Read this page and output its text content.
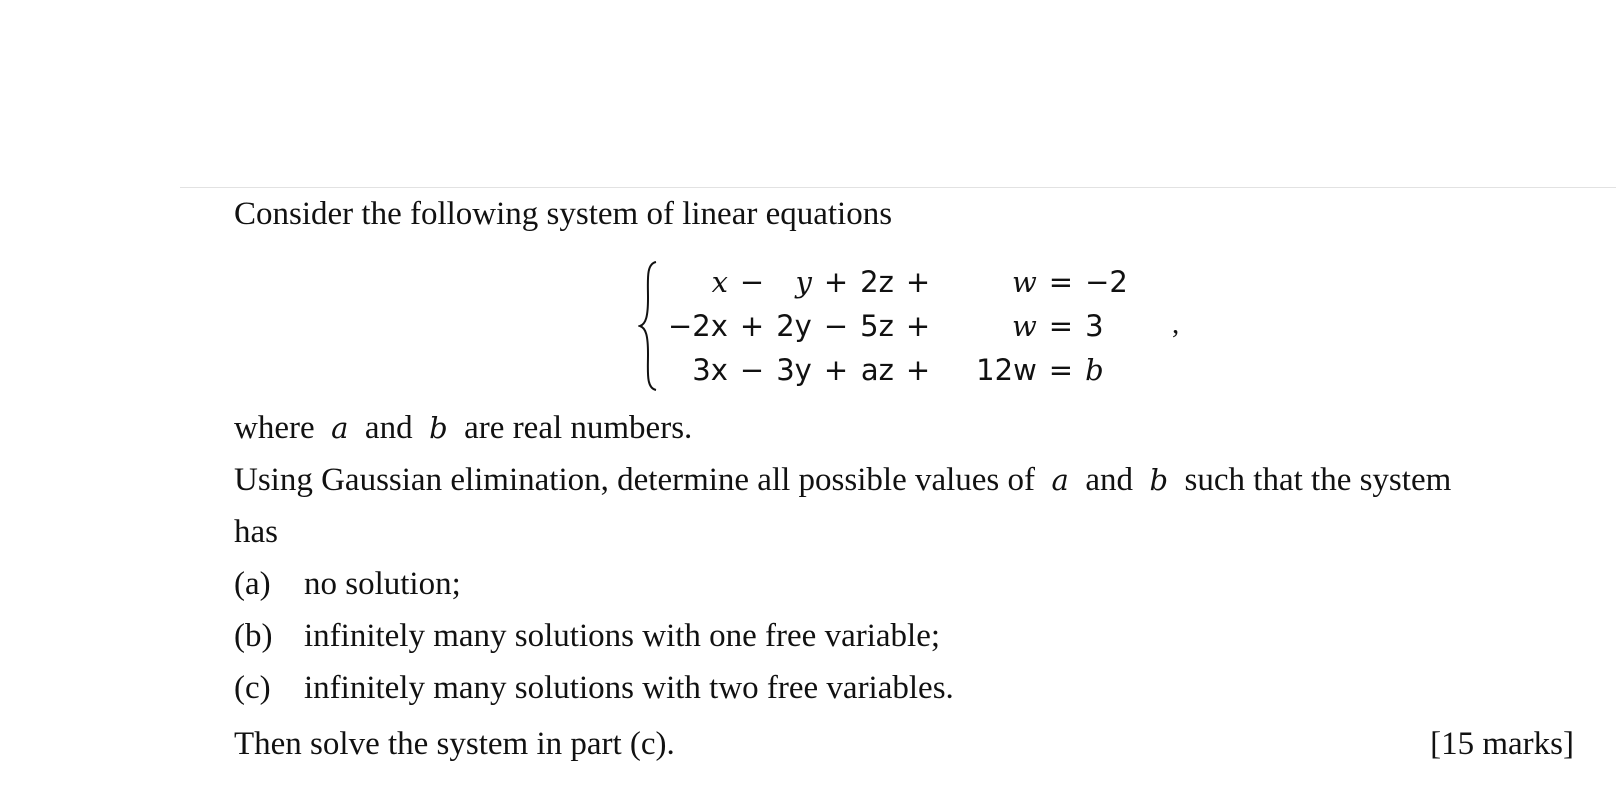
Consider the following system of linear equations
x	−	y	+	2z	+	w	=	−2
−2x	+	2y	−	5z	+	w	=	3
3x	−	3y	+	az	+	12w	=	b
,
where a and b are real numbers.
Using Gaussian elimination, determine all possible values of a and b such that the system
has
(a) no solution;
(b) infinitely many solutions with one free variable;
(c) infinitely many solutions with two free variables.
Then solve the system in part (c).	[15 marks]
